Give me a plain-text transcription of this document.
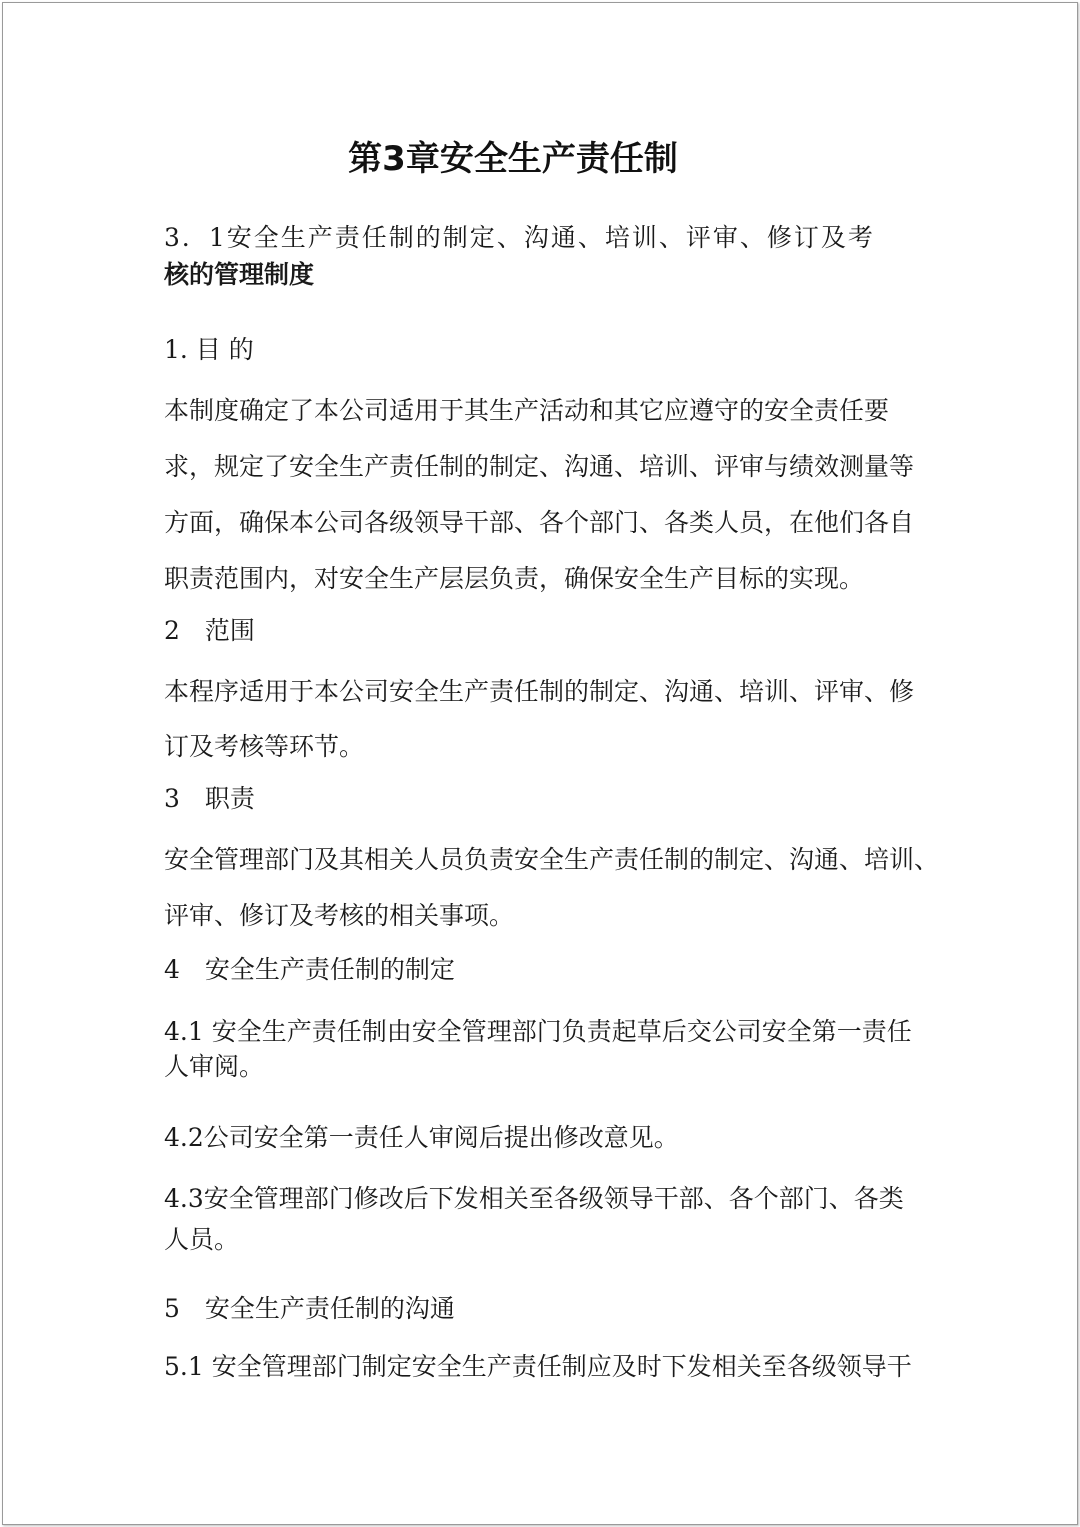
第3章安全生产责任制

3．1安全生产责任制的制定、沟通、培训、评审、修订及考

核的管理制度

1. 目 的

本制度确定了本公司适用于其生产活动和其它应遵守的安全责任要

求，规定了安全生产责任制的制定、沟通、培训、评审与绩效测量等

方面，确保本公司各级领导干部、各个部门、各类人员，在他们各自

职责范围内，对安全生产层层负责，确保安全生产目标的实现。

2　范围

本程序适用于本公司安全生产责任制的制定、沟通、培训、评审、修

订及考核等环节。

3　职责

安全管理部门及其相关人员负责安全生产责任制的制定、沟通、培训、

评审、修订及考核的相关事项。

4　安全生产责任制的制定

4.1 安全生产责任制由安全管理部门负责起草后交公司安全第一责任

人审阅。

4.2公司安全第一责任人审阅后提出修改意见。

4.3安全管理部门修改后下发相关至各级领导干部、各个部门、各类

人员。

5　安全生产责任制的沟通

5.1 安全管理部门制定安全生产责任制应及时下发相关至各级领导干
